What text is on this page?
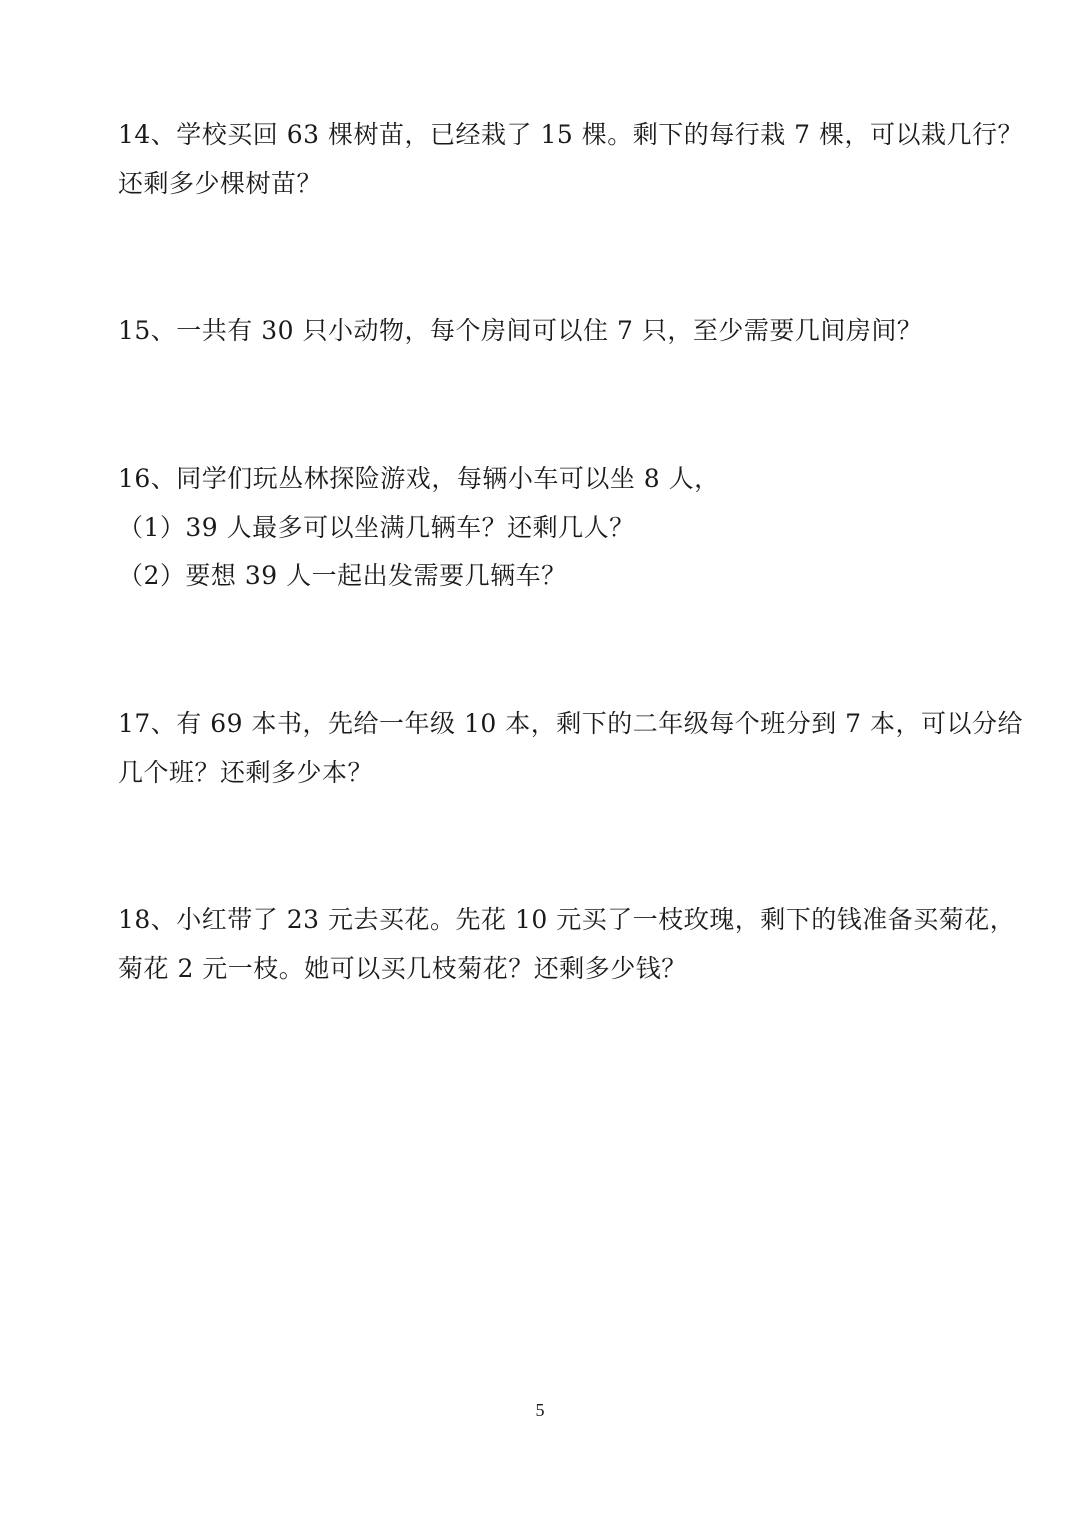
14、学校买回 63 棵树苗，已经栽了 15 棵。剩下的每行栽 7 棵，可以栽几行？
还剩多少棵树苗？
15、一共有 30 只小动物，每个房间可以住 7 只，至少需要几间房间？
16、同学们玩丛林探险游戏，每辆小车可以坐 8 人，
（1）39 人最多可以坐满几辆车？还剩几人？
（2）要想 39 人一起出发需要几辆车？
17、有 69 本书，先给一年级 10 本，剩下的二年级每个班分到 7 本，可以分给
几个班？还剩多少本？
18、小红带了 23 元去买花。先花 10 元买了一枝玫瑰，剩下的钱准备买菊花，
菊花 2 元一枝。她可以买几枝菊花？还剩多少钱？
5
